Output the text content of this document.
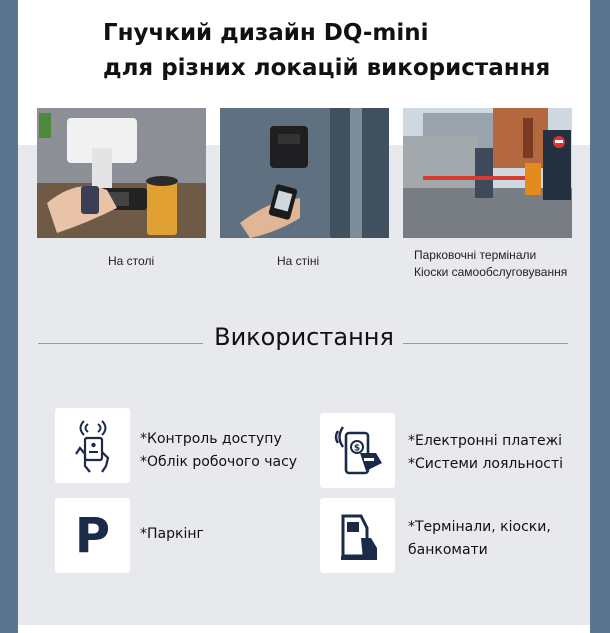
Гнучкий дизайн DQ-mini
для різних локацій використання
На столі	На стіні	Парковочні термінали
Кіоски самообслуговування
Використання
*Контроль доступу
*Облік робочого часу
$	*Електронні платежі
*Системи лояльності
P *Паркінг	*Термінали, кіоски,
банкомати
